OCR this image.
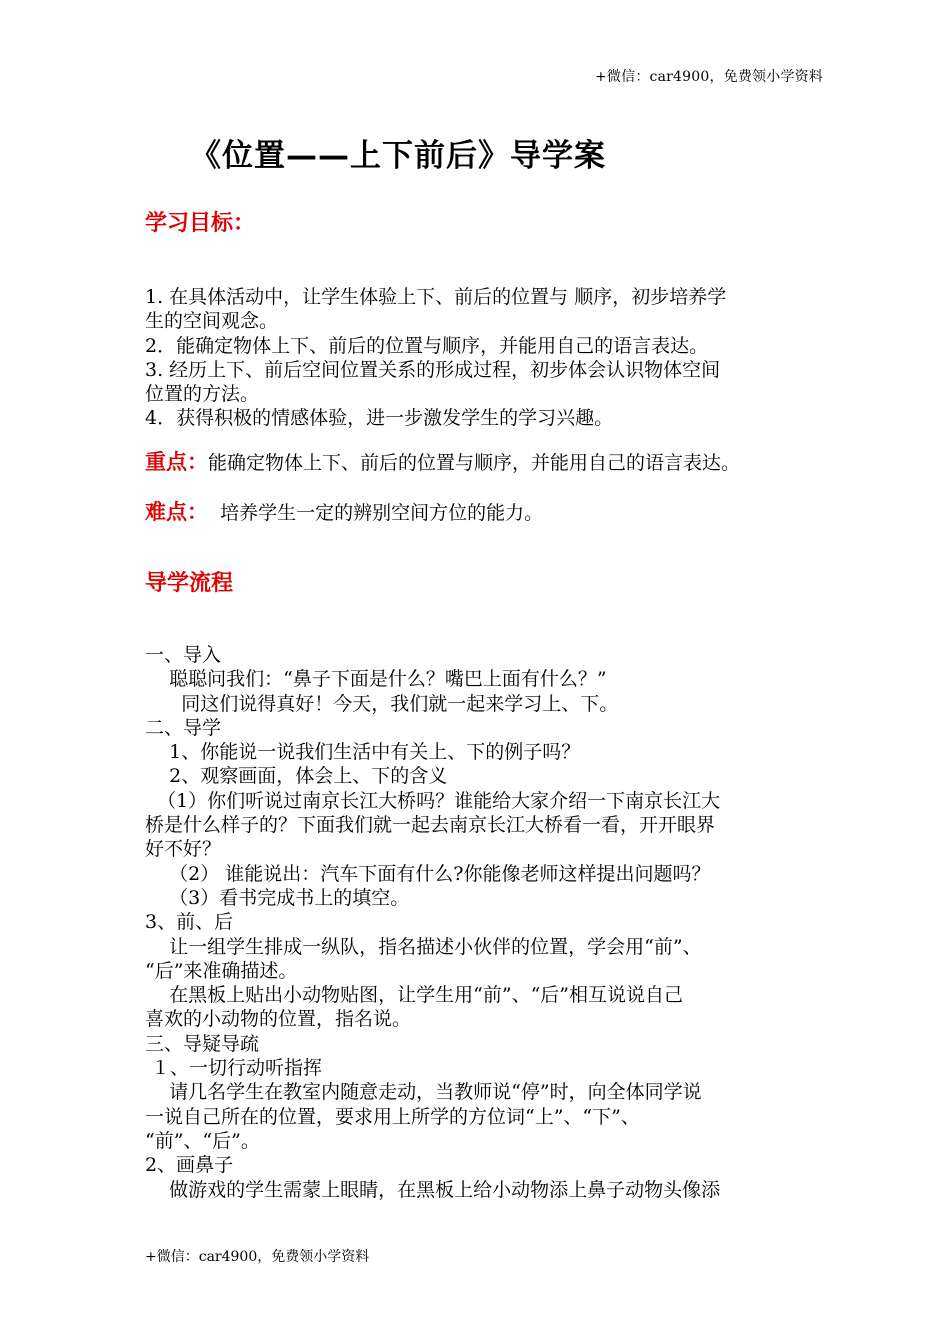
+微信：car4900，免费领小学资料
《位置——上下前后》导学案
学习目标：
1. 在具体活动中，让学生体验上下、前后的位置与 顺序，初步培养学
生的空间观念。
2．能确定物体上下、前后的位置与顺序，并能用自己的语言表达。
3. 经历上下、前后空间位置关系的形成过程，初步体会认识物体空间
位置的方法。
4．获得积极的情感体验，进一步激发学生的学习兴趣。
重点：能确定物体上下、前后的位置与顺序，并能用自己的语言表达。
难点：  培养学生一定的辨别空间方位的能力。
导学流程
一、导入
聪聪问我们：“鼻子下面是什么？嘴巴上面有什么？”
同这们说得真好！今天，我们就一起来学习上、下。
二、导学
1、你能说一说我们生活中有关上、下的例子吗？
2、观察画面，体会上、下的含义
（1）你们听说过南京长江大桥吗？谁能给大家介绍一下南京长江大
桥是什么样子的？下面我们就一起去南京长江大桥看一看，开开眼界
好不好？
（2） 谁能说出：汽车下面有什么?你能像老师这样提出问题吗？
（3）看书完成书上的填空。
3、前、后
让一组学生排成一纵队，指名描述小伙伴的位置，学会用“前”、
“后”来准确描述。
在黑板上贴出小动物贴图，让学生用“前”、“后”相互说说自己
喜欢的小动物的位置，指名说。
三、导疑导疏
１、一切行动听指挥
请几名学生在教室内随意走动，当教师说“停”时，向全体同学说
一说自己所在的位置，要求用上所学的方位词“上”、“下”、
“前”、“后”。
2、画鼻子
做游戏的学生需蒙上眼睛，在黑板上给小动物添上鼻子动物头像添
+微信：car4900，免费领小学资料
